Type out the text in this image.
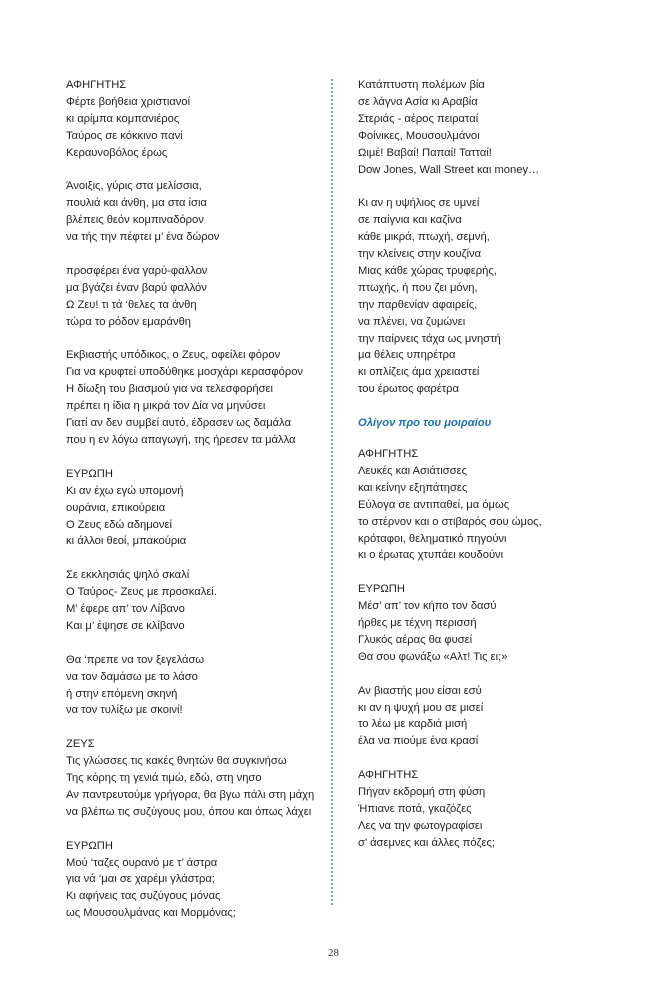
ΑΦΗΓΗΤΗΣ
Φέρτε βοήθεια χριστιανοί
κι αρίμπα κομπανιέρος
Ταύρος σε κόκκινο πανί
Κεραυνοβόλος έρως
Άνοιξις, γύρις στα μελίσσια,
πουλιά και άνθη, μα στα ίσια
βλέπεις θεόν κομπιναδόρον
να τής την πέφτει μ’ ένα δώρον
προσφέρει ένα γαρύ-φαλλον
μα βγάζει έναν βαρύ φαλλόν
Ω Ζευ! τι τά ‘θελες τα άνθη
τώρα το ρόδον εμαράνθη
Εκβιαστής υπόδικος, ο Ζευς, οφείλει φόρον
Για να κρυφτεί υποδύθηκε μοσχάρι κερασφόρον
Η δίωξη του βιασμού για να τελεσφορήσει
πρέπει η ίδια η μικρά τον Δία να μηνύσει
Γιατί αν δεν συμβεί αυτό, έδρασεν ως δαμάλα
που η εν λόγω απαγωγή, της ήρεσεν τα μάλλα
ΕΥΡΩΠΗ
Κι αν έχω εγώ υπομονή
ουράνια, επικούρεια
Ο Ζευς εδώ αδημονεί
κι άλλοι θεοί, μπακούρια
Σε εκκλησιάς ψηλό σκαλί
Ο Ταύρος- Ζευς με προσκαλεί.
Μ’ έφερε απ’ τον Λίβανο
Και μ’ έψησε σε κλίβανο
Θα ‘πρεπε να τον ξεγελάσω
να τον δαμάσω με το λάσο
ή στην επόμενη σκηνή
να τον τυλίξω με σκοινί!
ΖΕΥΣ
Τις γλώσσες τις κακές θνητών θα συγκινήσω
Της κόρης τη γενιά τιμώ, εδώ, στη νησο
Αν παντρευτούμε γρήγορα, θα βγω πάλι στη μάχη
να βλέπω τις συζύγους μου, όπου και όπως λάχει
ΕΥΡΩΠΗ
Μού ‘ταζες ουρανό με τ’ άστρα
για νά ‘μαι σε χαρέμι γλάστρα;
Κι αφήνεις τας συζύγους μόνας
ως Μουσουλμάνας και Μορμόνας;
Κατάπτυστη πολέμων βία
σε λάγνα Ασία κι Αραβία
Στεριάς - αέρος πειραταί
Φοίνικες, Μουσουλμάνοι
Ωιμέ! Βαβαί! Παπαί! Τατταί!
Dow Jones, Wall Street και money…
Κι αν η υψήλιος σε υμνεί
σε παίγνια και καζίνα
κάθε μικρά, πτωχή, σεμνή,
την κλείνεις στην κουζίνα
Μιας κάθε χώρας τρυφερής,
πτωχής, ή που ζει μόνη,
την παρθενίαν αφαιρείς,
να πλένει, να ζυμώνει
την παίρνεις τάχα ως μνηστή
μα θέλεις υπηρέτρα
κι οπλίζεις άμα χρειαστεί
του έρωτος φαρέτρα
Ολίγον προ του μοιραίου
ΑΦΗΓΗΤΗΣ
Λευκές και Ασιάτισσες
και κείνην εξηπάτησες
Εύλογα σε αντιπαθεί, μα όμως
το στέρνον και ο στιβαρός σου ώμος,
κρόταφοι, θεληματικό πηγούνι
κι ο έρωτας χτυπάει κουδούνι
ΕΥΡΩΠΗ
Μέσ’ απ’ τον κήπο τον δασύ
ήρθες με τέχνη περισσή
Γλυκός αέρας θα φυσεί
Θα σου φωνάξω «Αλτ! Τις ει;»
Αν βιαστής μου είσαι εσύ
κι αν η ψυχή μου σε μισεί
το λέω με καρδιά μισή
έλα να πιούμε ένα κρασί
ΑΦΗΓΗΤΗΣ
Πήγαν εκδρομή στη φύση
Ήπιανε ποτά, γκαζόζες
Λες να την φωτογραφίσει
σ’ άσεμνες και άλλες πόζες;
28
